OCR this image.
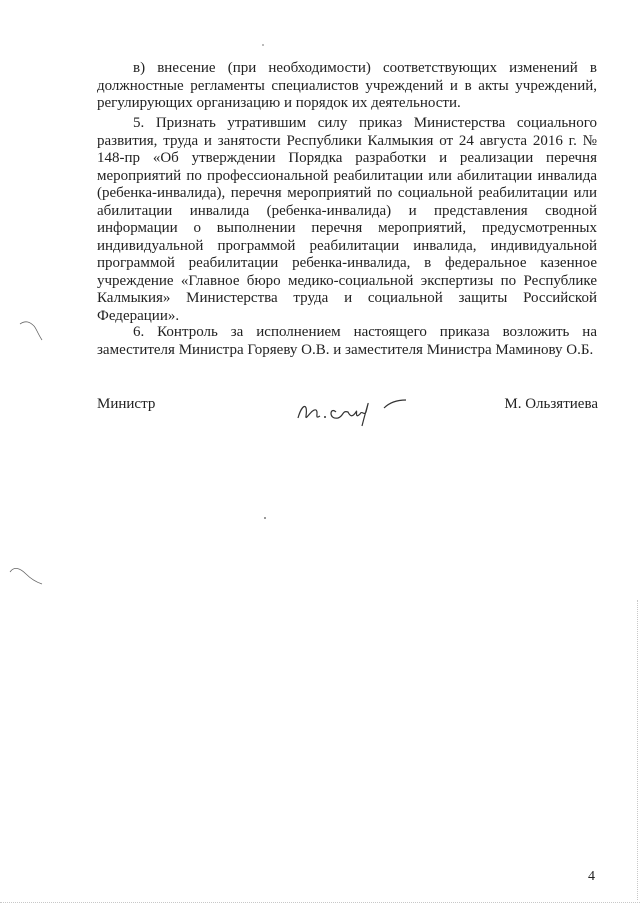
в) внесение (при необходимости) соответствующих изменений в должностные регламенты специалистов учреждений и в акты учреждений, регулирующих организацию и порядок их деятельности.

5. Признать утратившим силу приказ Министерства социального развития, труда и занятости Республики Калмыкия от 24 августа 2016 г. № 148-пр «Об утверждении Порядка разработки и реализации перечня мероприятий по профессиональной реабилитации или абилитации инвалида (ребенка-инвалида), перечня мероприятий по социальной реабилитации или абилитации инвалида (ребенка-инвалида) и представления сводной информации о выполнении перечня мероприятий, предусмотренных индивидуальной программой реабилитации инвалида, индивидуальной программой реабилитации ребенка-инвалида, в федеральное казенное учреждение «Главное бюро медико-социальной экспертизы по Республике Калмыкия» Министерства труда и социальной защиты Российской Федерации».

6. Контроль за исполнением настоящего приказа возложить на заместителя Министра Горяеву О.В. и заместителя Министра Маминову О.Б.

Министр	М. Ользятиева
4
